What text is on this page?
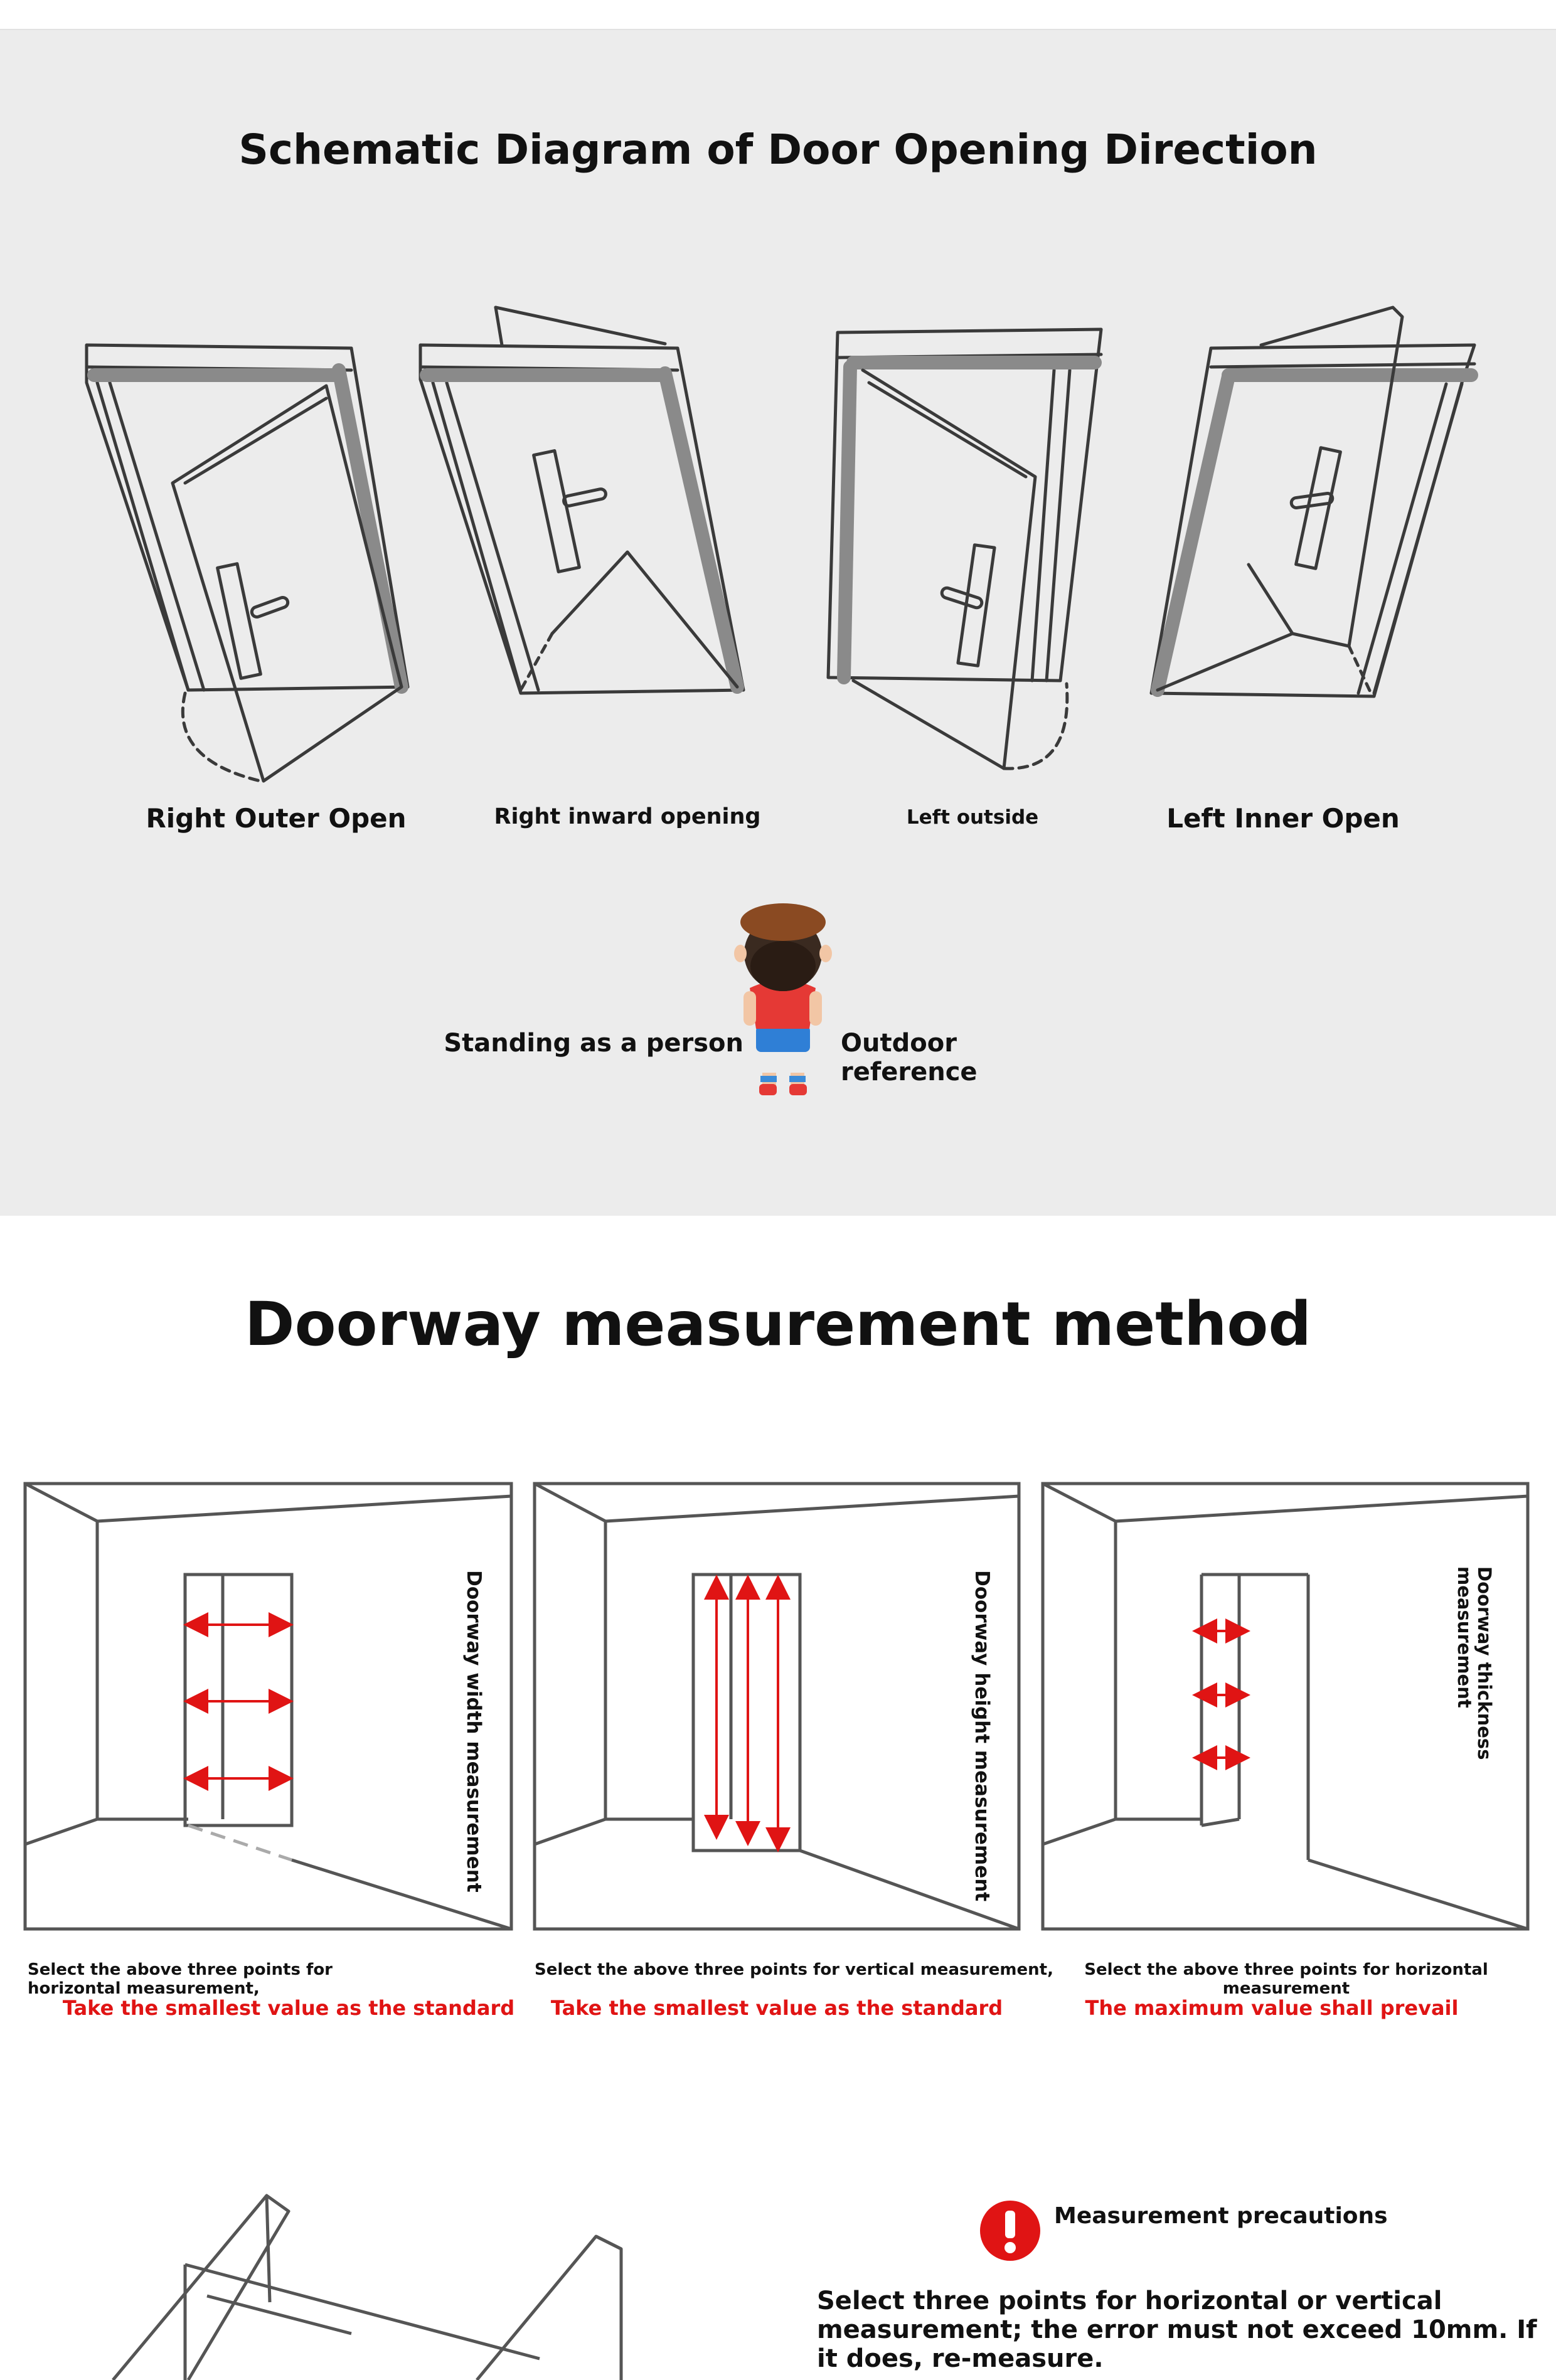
Schematic Diagram of Door Opening Direction
Right Outer Open	Right inward opening	Left outside	Left Inner Open
Standing as a person	Outdoor
reference
Doorway measurement method
Doorway width measurement	Doorway height measurement	Doorway thickness
measurement
Select the above three points for horizontal measurement,
Take the smallest value as the standard
Select the above three points for vertical measurement,
Take the smallest value as the standard
Select the above three points for horizontal measurement
The maximum value shall prevail
Measurement precautions
Select three points for horizontal or vertical measurement; the error must not exceed 10mm. If it does, re-measure.
